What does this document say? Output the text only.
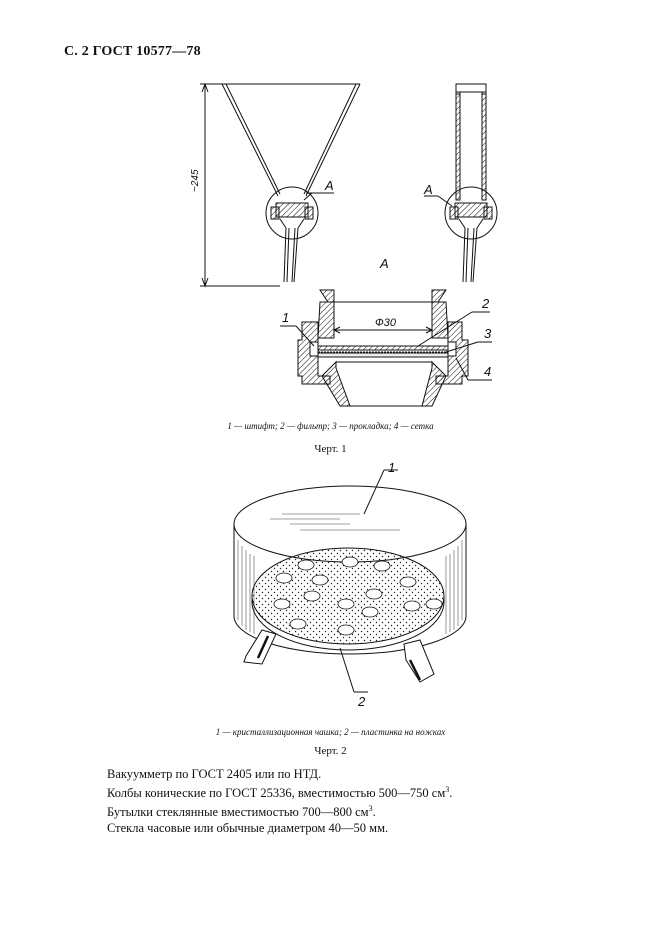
С. 2 ГОСТ 10577—78
А
~245	А
А
Ф30
1
2
3
4
1
2
1 — штифт; 2 — фильтр; 3 — прокладка; 4 — сетка
Черт. 1
1 — кристаллизационная чашка; 2 — пластинка на ножках
Черт. 2

Вакуумметр по ГОСТ 2405 или по НТД.

Колбы конические по ГОСТ 25336, вместимостью 500—750 $см^3$.

Бутылки стеклянные вместимостью 700—800 $см^3$.

Стекла часовые или обычные диаметром 40—50 мм.
